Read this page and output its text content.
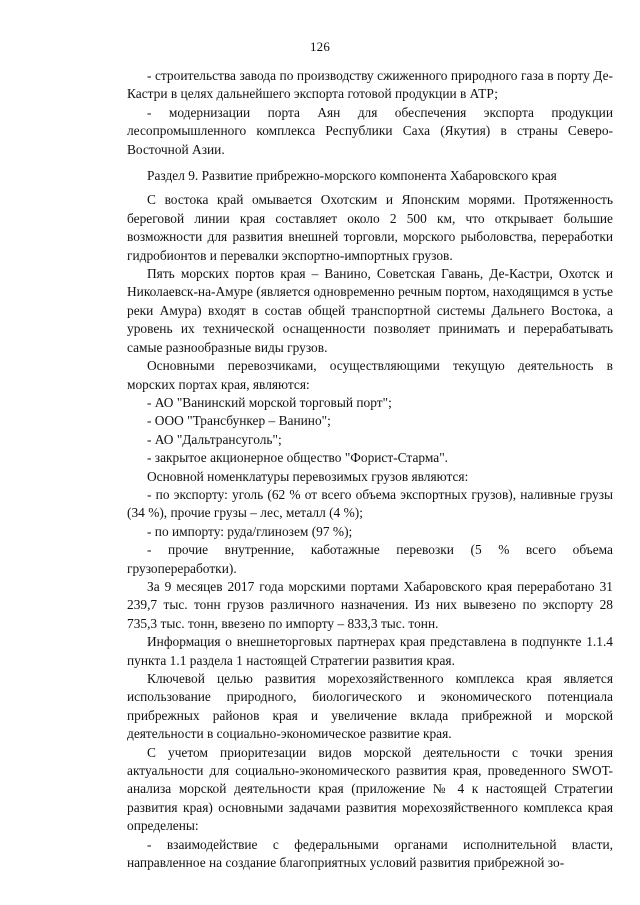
126

- строительства завода по производству сжиженного природного газа в порту Де-Кастри в целях дальнейшего экспорта готовой продукции в АТР;

- модернизации порта Аян для обеспечения экспорта продукции лесопромышленного комплекса Республики Саха (Якутия) в страны Северо-Восточной Азии.

Раздел 9. Развитие прибрежно-морского компонента Хабаровского края

С востока край омывается Охотским и Японским морями. Протяженность береговой линии края составляет около 2 500 км, что открывает большие возможности для развития внешней торговли, морского рыболовства, переработки гидробионтов и перевалки экспортно-импортных грузов.

Пять морских портов края – Ванино, Советская Гавань, Де-Кастри, Охотск и Николаевск-на-Амуре (является одновременно речным портом, находящимся в устье реки Амура) входят в состав общей транспортной системы Дальнего Востока, а уровень их технической оснащенности позволяет принимать и перерабатывать самые разнообразные виды грузов.

Основными перевозчиками, осуществляющими текущую деятельность в морских портах края, являются:

- АО "Ванинский морской торговый порт";

- ООО "Трансбункер – Ванино";

- АО "Дальтрансуголь";

- закрытое акционерное общество "Форист-Старма".

Основной номенклатуры перевозимых грузов являются:

- по экспорту: уголь (62 % от всего объема экспортных грузов), наливные грузы (34 %), прочие грузы – лес, металл (4 %);

- по импорту: руда/глинозем (97 %);

- прочие внутренние, каботажные перевозки (5 % всего объема грузопереработки).

За 9 месяцев 2017 года морскими портами Хабаровского края переработано 31 239,7 тыс. тонн грузов различного назначения. Из них вывезено по экспорту 28 735,3 тыс. тонн, ввезено по импорту – 833,3 тыс. тонн.

Информация о внешнеторговых партнерах края представлена в подпункте 1.1.4 пункта 1.1 раздела 1 настоящей Стратегии развития края.

Ключевой целью развития морехозяйственного комплекса края является использование природного, биологического и экономического потенциала прибрежных районов края и увеличение вклада прибрежной и морской деятельности в социально-экономическое развитие края.

С учетом приоритезации видов морской деятельности с точки зрения актуальности для социально-экономического развития края, проведенного SWOT-анализа морской деятельности края (приложение № 4 к настоящей Стратегии развития края) основными задачами развития морехозяйственного комплекса края определены:

- взаимодействие с федеральными органами исполнительной власти, направленное на создание благоприятных условий развития прибрежной зо-
